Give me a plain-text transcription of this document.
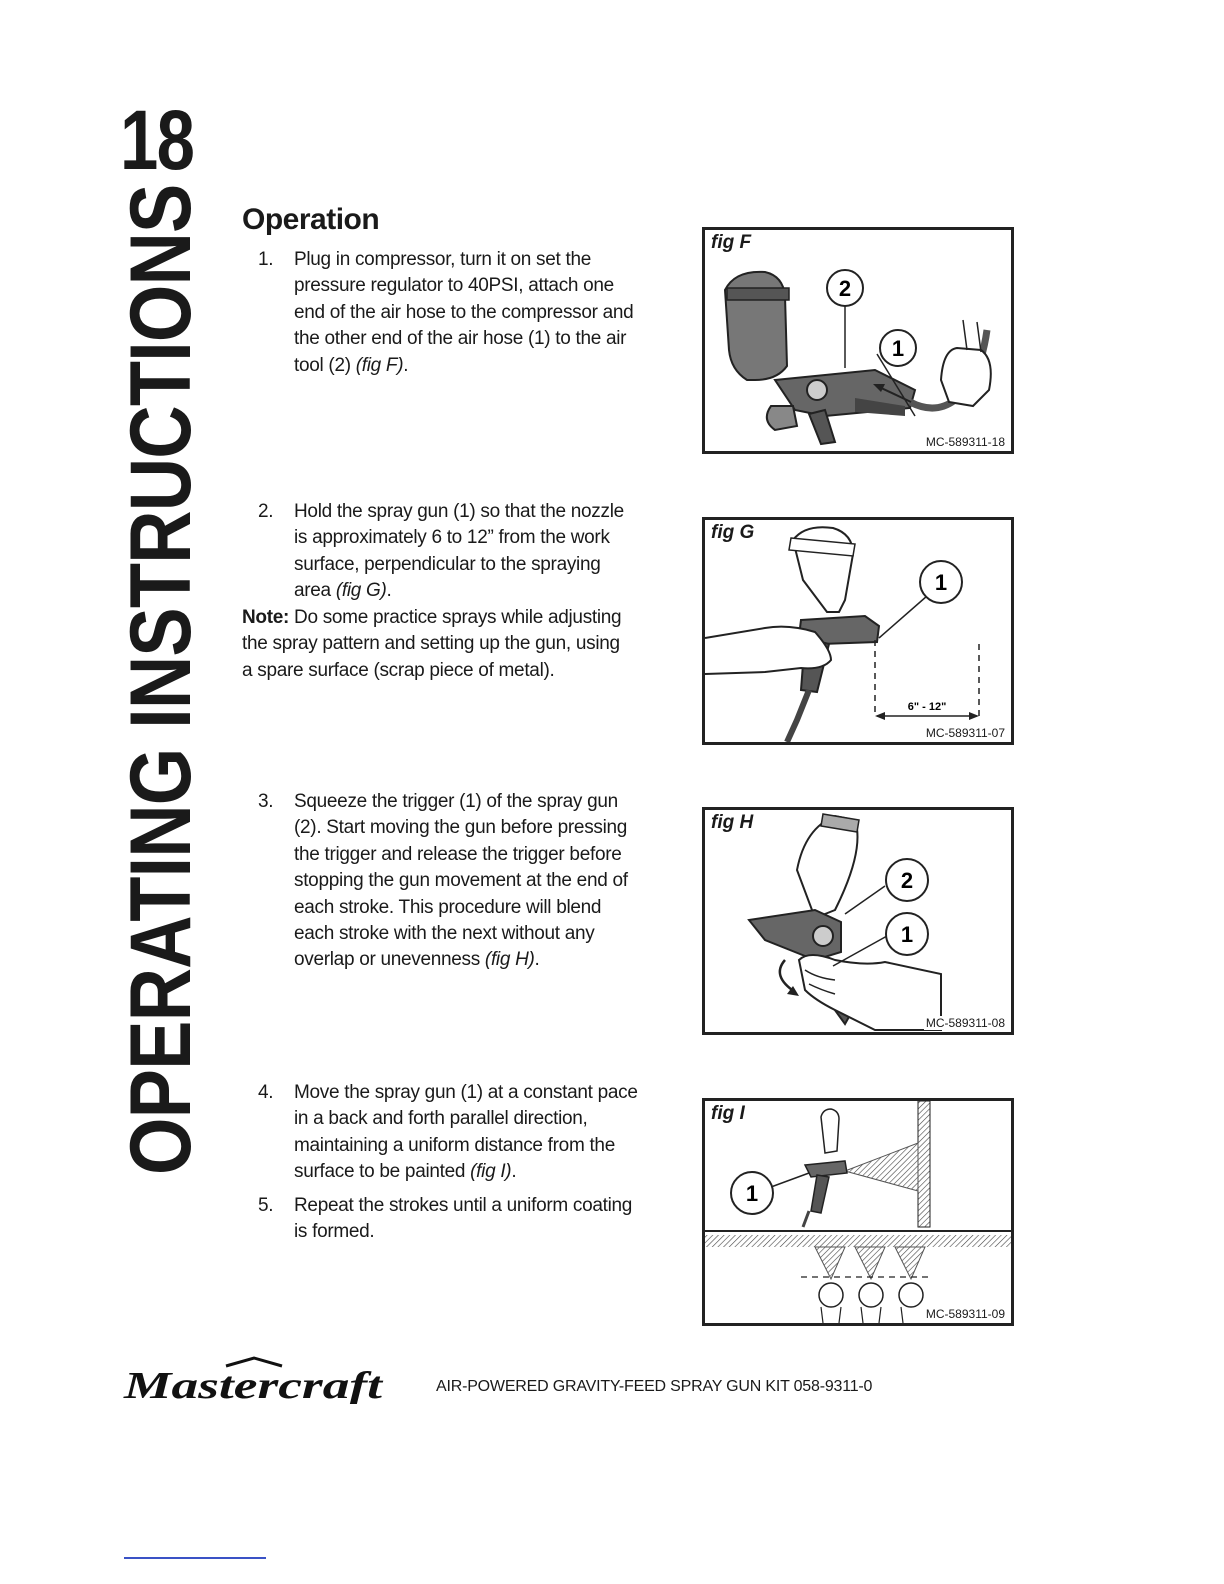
18
OPERATING INSTRUCTIONS Operation
1. Plug in compressor, turn it on set the pressure regulator to 40PSI, attach one end of the air hose to the compressor and the other end of the air hose (1) to the air tool (2) (fig F).
2. Hold the spray gun (1) so that the nozzle is approximately 6 to 12” from the work surface, perpendicular to the spraying area (fig G).
Note: Do some practice sprays while adjusting the spray pattern and setting up the gun, using a spare surface (scrap piece of metal).
3. Squeeze the trigger (1) of the spray gun (2). Start moving the gun before pressing the trigger and release the trigger before stopping the gun movement at the end of each stroke. This procedure will blend each stroke with the next without any overlap or unevenness (fig H).
4. Move the spray gun (1) at a constant pace in a back and forth parallel direction, maintaining a uniform distance from the surface to be painted (fig I).
5. Repeat the strokes until a uniform coating is formed.
fig F
2
1
MC-589311-18
fig G
6" - 12"
1
MC-589311-07
fig H
2
1
MC-589311-08
fig I
1
MC-589311-09
Mastercraft	AIR-POWERED GRAVITY-FEED SPRAY GUN KIT 058-9311-0
